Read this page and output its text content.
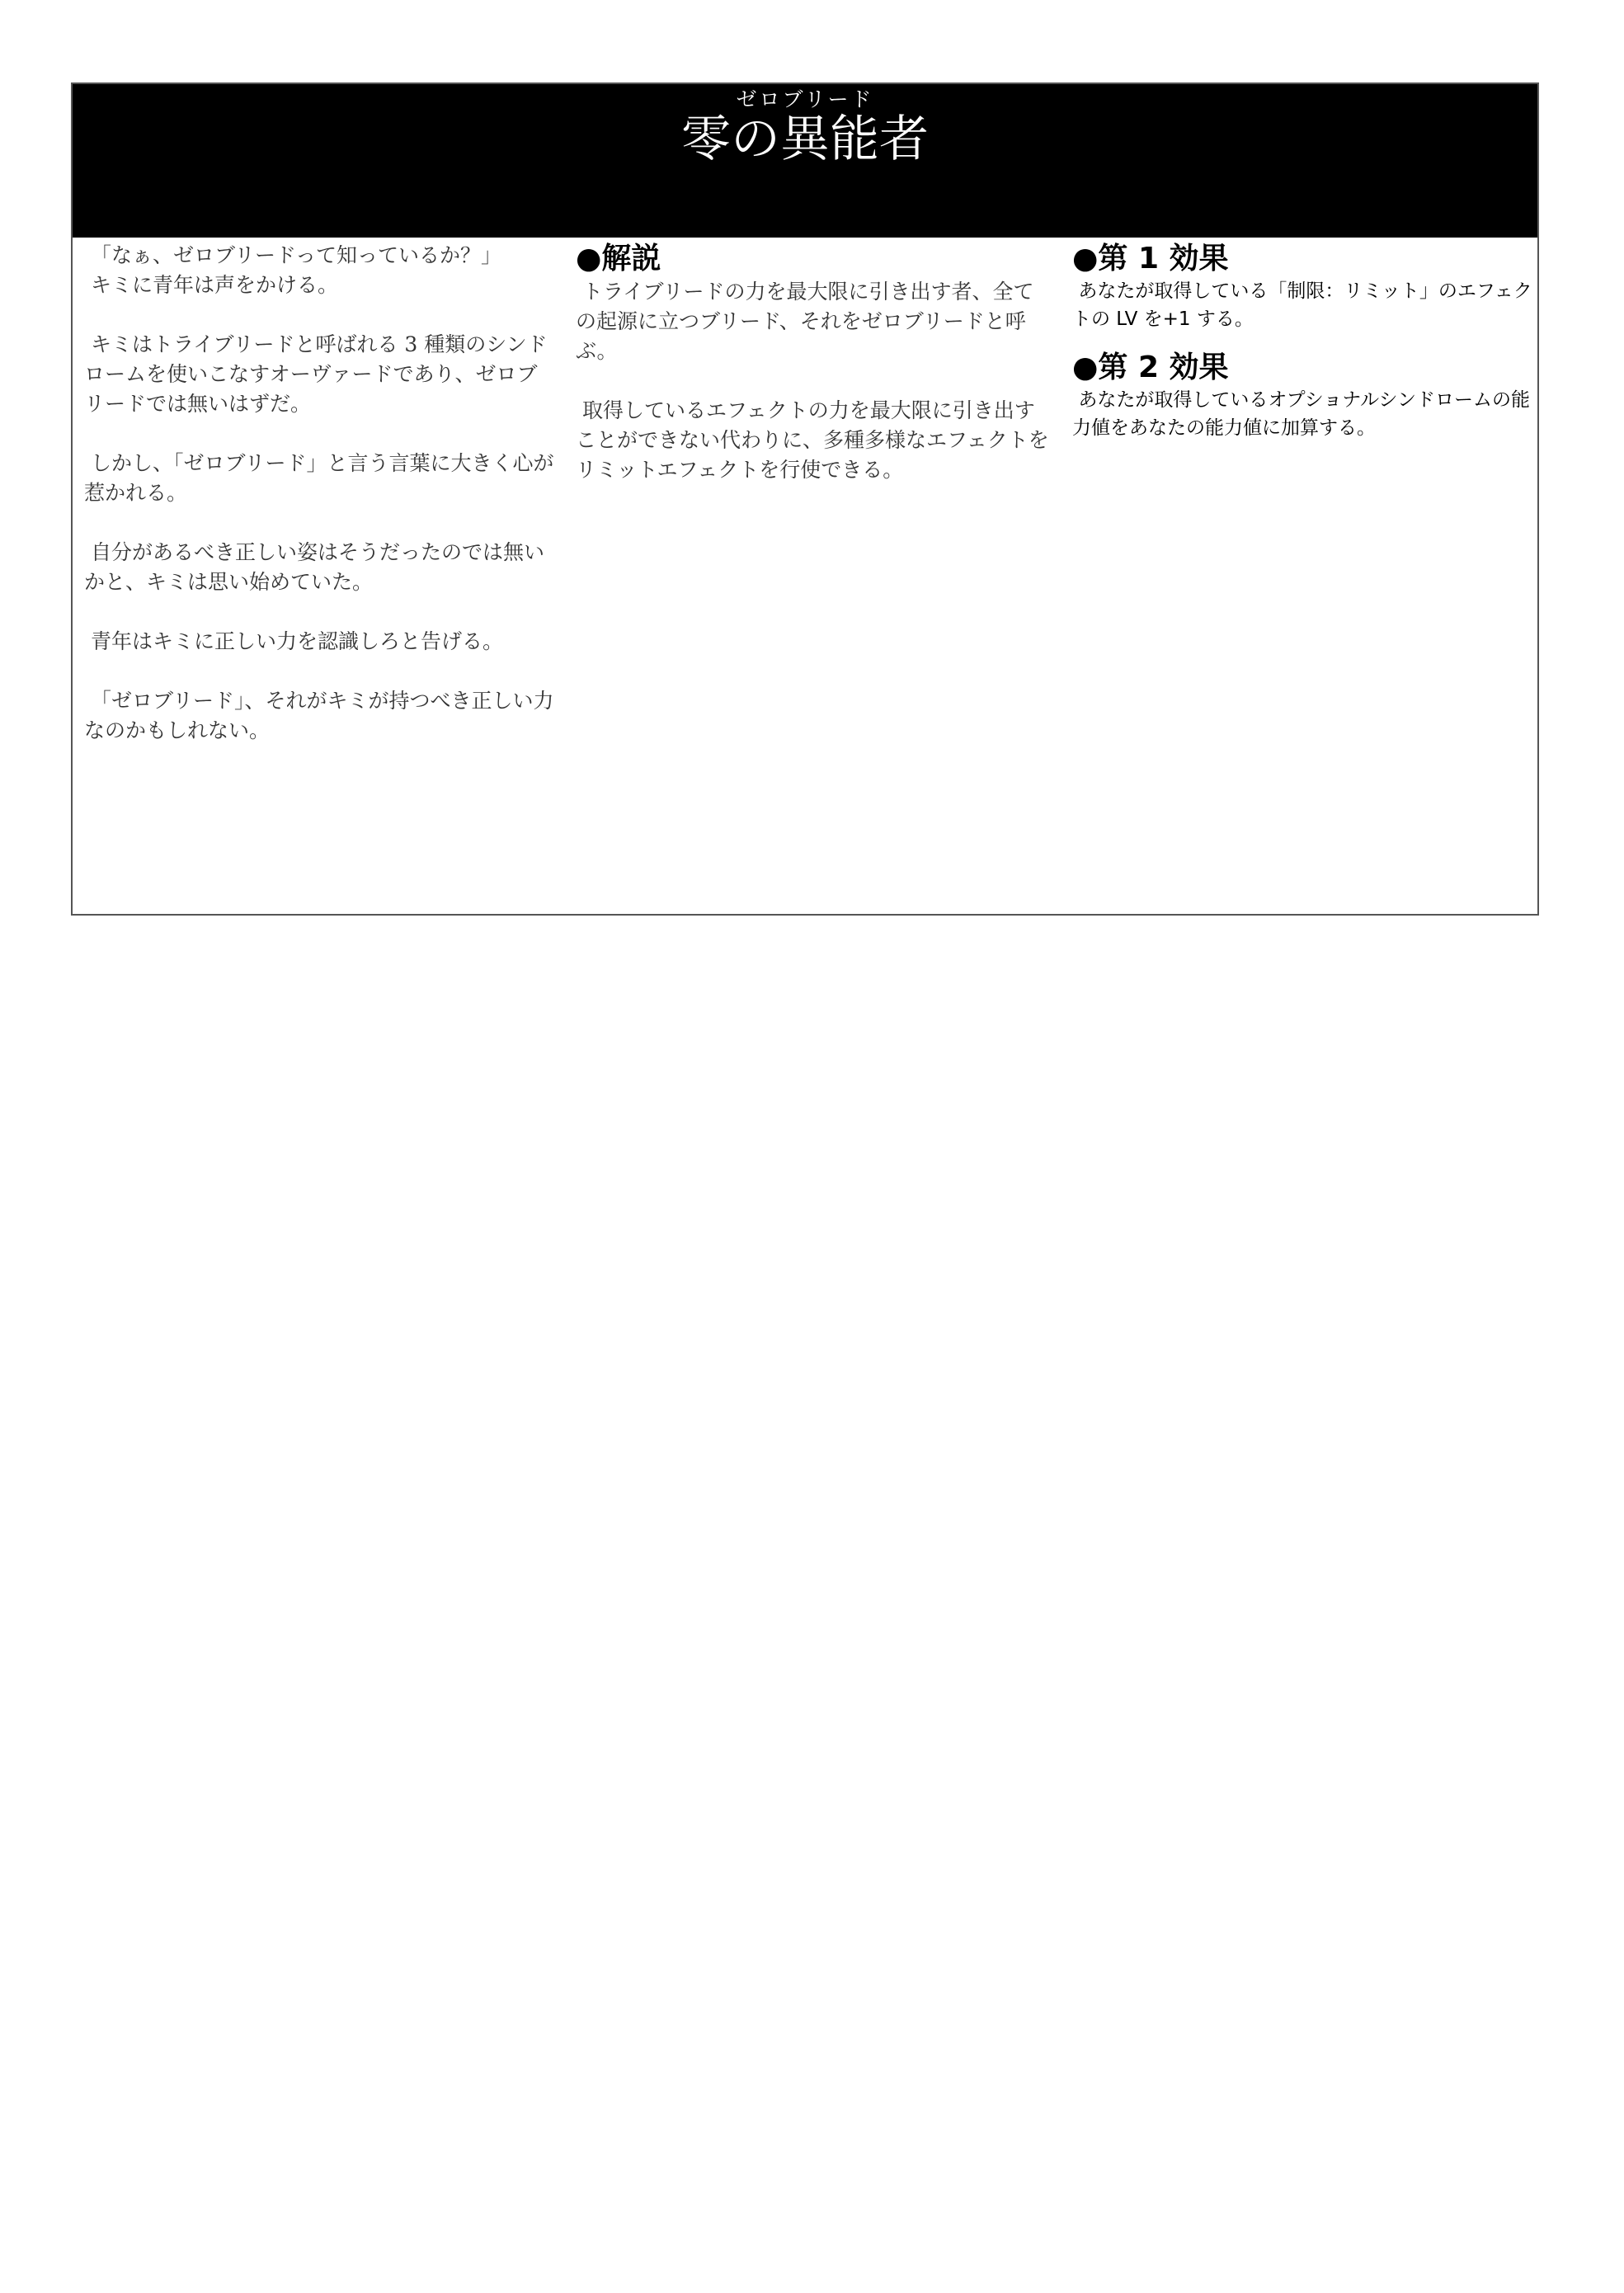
ゼロブリード
零の異能者

「なぁ、ゼロブリードって知っているか？」
キミに青年は声をかける。

キミはトライブリードと呼ばれる 3 種類のシンドロームを使いこなすオーヴァードであり、ゼロブリードでは無いはずだ。

しかし、「ゼロブリード」と言う言葉に大きく心が惹かれる。

自分があるべき正しい姿はそうだったのでは無いかと、キミは思い始めていた。

青年はキミに正しい力を認識しろと告げる。

「ゼロブリード」、それがキミが持つべき正しい力なのかもしれない。

●解説

トライブリードの力を最大限に引き出す者、全ての起源に立つブリード、それをゼロブリードと呼ぶ。

取得しているエフェクトの力を最大限に引き出すことができない代わりに、多種多様なエフェクトをリミットエフェクトを行使できる。

●第 1 効果

あなたが取得している「制限：リミット」のエフェクトの LV を+1 する。

●第 2 効果

あなたが取得しているオプショナルシンドロームの能力値をあなたの能力値に加算する。
